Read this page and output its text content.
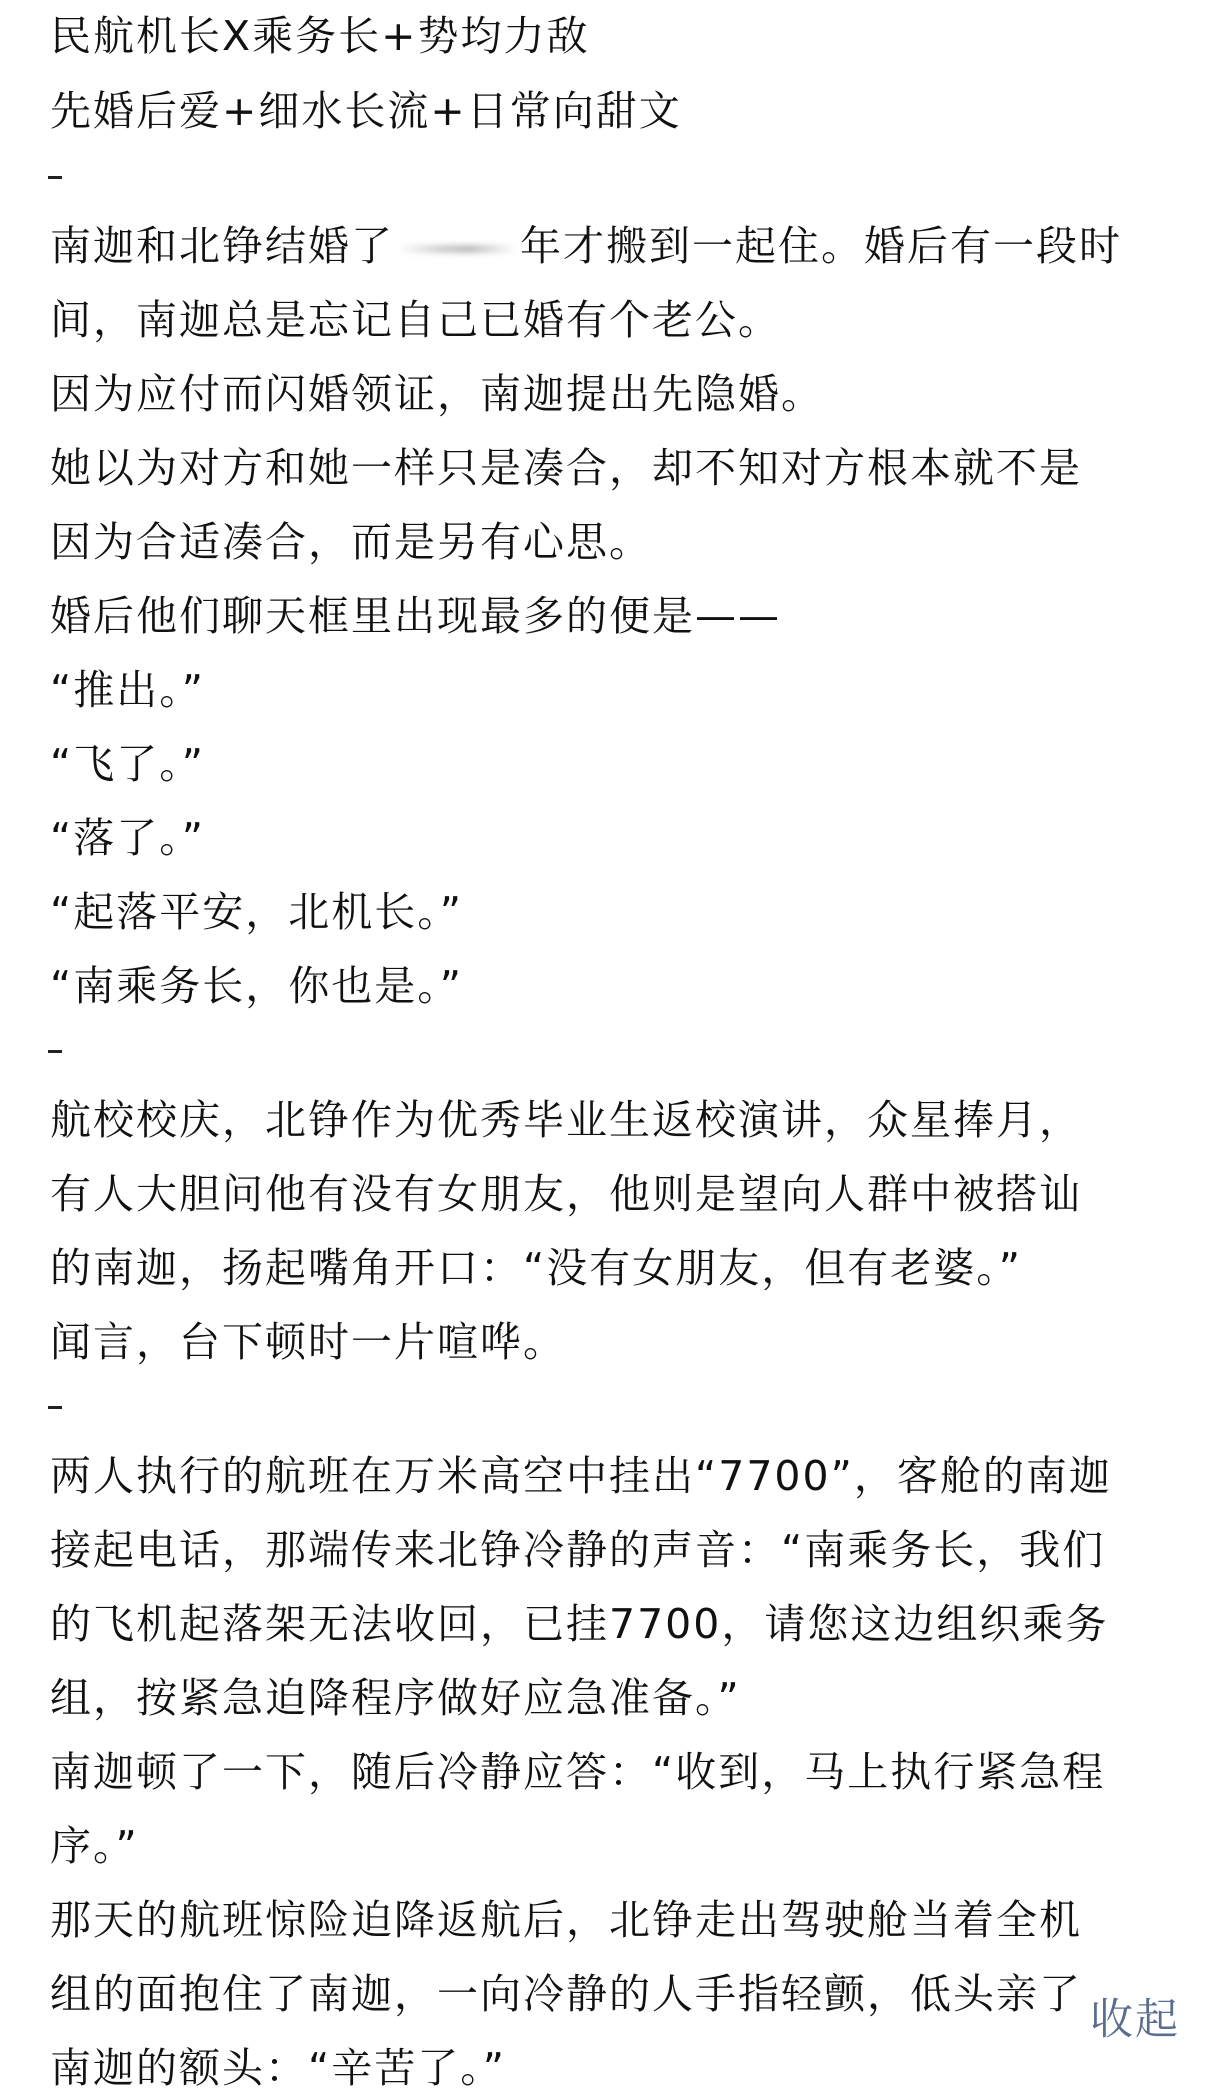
民航机长X乘务长+势均力敌
先婚后爱+细水长流+日常向甜文
南迦和北铮结婚了	年才搬到一起住。婚后有一段时
间，南迦总是忘记自己已婚有个老公。
因为应付而闪婚领证，南迦提出先隐婚。
她以为对方和她一样只是凑合，却不知对方根本就不是
因为合适凑合，而是另有心思。
婚后他们聊天框里出现最多的便是——
“推出。”
“飞了。”
“落了。”
“起落平安，北机长。”
“南乘务长，你也是。”
航校校庆，北铮作为优秀毕业生返校演讲，众星捧月，
有人大胆问他有没有女朋友，他则是望向人群中被搭讪
的南迦，扬起嘴角开口：“没有女朋友，但有老婆。”
闻言，台下顿时一片喧哗。
两人执行的航班在万米高空中挂出“7700”，客舱的南迦
接起电话，那端传来北铮冷静的声音：“南乘务长，我们
的飞机起落架无法收回，已挂7700，请您这边组织乘务
组，按紧急迫降程序做好应急准备。”
南迦顿了一下，随后冷静应答：“收到，马上执行紧急程
序。”
那天的航班惊险迫降返航后，北铮走出驾驶舱当着全机
组的面抱住了南迦，一向冷静的人手指轻颤，低头亲了
南迦的额头：“辛苦了。”
收起
